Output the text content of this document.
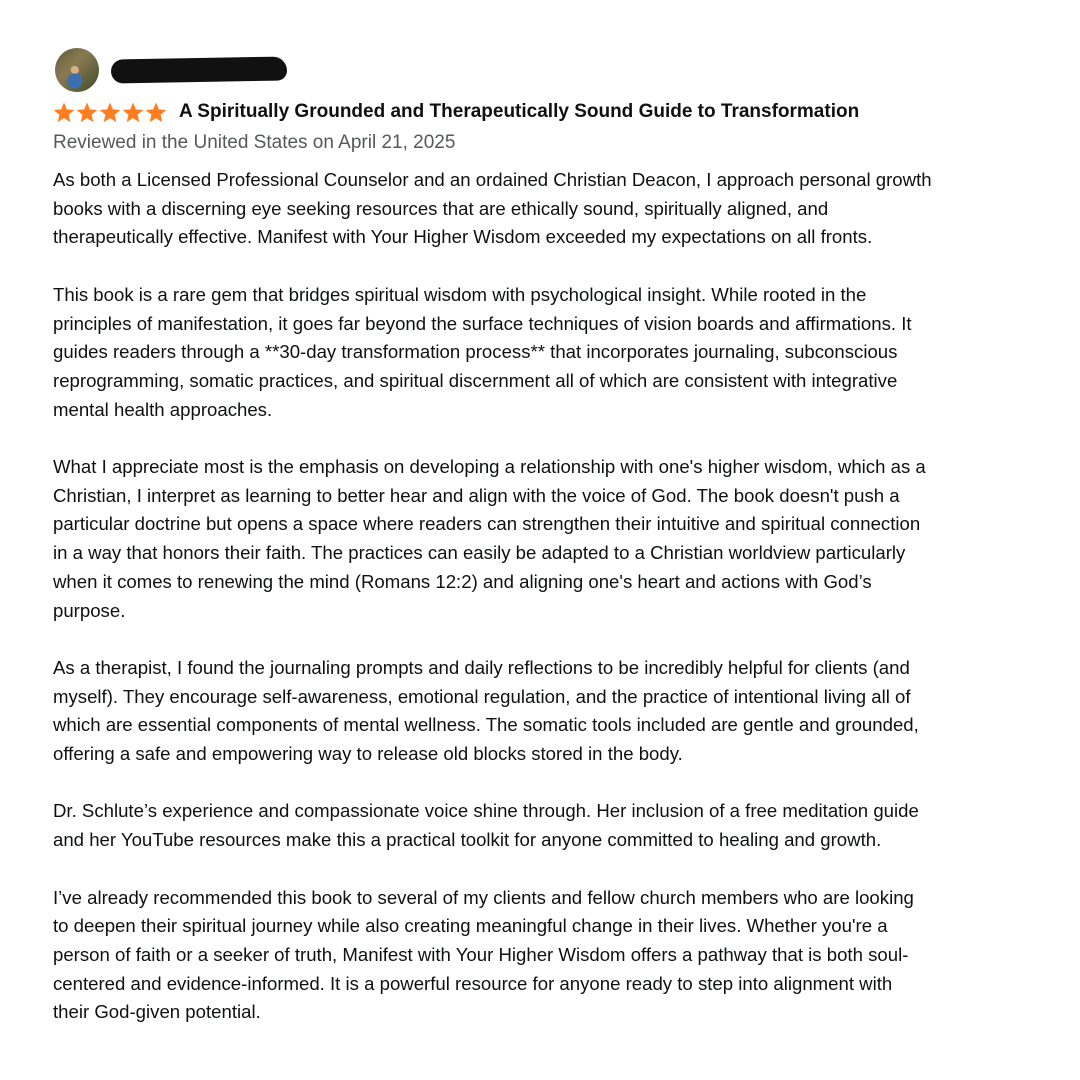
A Spiritually Grounded and Therapeutically Sound Guide to Transformation
Reviewed in the United States on April 21, 2025

As both a Licensed Professional Counselor and an ordained Christian Deacon, I approach personal growth
books with a discerning eye seeking resources that are ethically sound, spiritually aligned, and
therapeutically effective. Manifest with Your Higher Wisdom exceeded my expectations on all fronts.

This book is a rare gem that bridges spiritual wisdom with psychological insight. While rooted in the
principles of manifestation, it goes far beyond the surface techniques of vision boards and affirmations. It
guides readers through a **30-day transformation process** that incorporates journaling, subconscious
reprogramming, somatic practices, and spiritual discernment all of which are consistent with integrative
mental health approaches.

What I appreciate most is the emphasis on developing a relationship with one's higher wisdom, which as a
Christian, I interpret as learning to better hear and align with the voice of God. The book doesn't push a
particular doctrine but opens a space where readers can strengthen their intuitive and spiritual connection
in a way that honors their faith. The practices can easily be adapted to a Christian worldview particularly
when it comes to renewing the mind (Romans 12:2) and aligning one's heart and actions with God’s
purpose.

As a therapist, I found the journaling prompts and daily reflections to be incredibly helpful for clients (and
myself). They encourage self-awareness, emotional regulation, and the practice of intentional living all of
which are essential components of mental wellness. The somatic tools included are gentle and grounded,
offering a safe and empowering way to release old blocks stored in the body.

Dr. Schlute’s experience and compassionate voice shine through. Her inclusion of a free meditation guide
and her YouTube resources make this a practical toolkit for anyone committed to healing and growth.

I’ve already recommended this book to several of my clients and fellow church members who are looking
to deepen their spiritual journey while also creating meaningful change in their lives. Whether you're a
person of faith or a seeker of truth, Manifest with Your Higher Wisdom offers a pathway that is both soul-
centered and evidence-informed. It is a powerful resource for anyone ready to step into alignment with
their God-given potential.
